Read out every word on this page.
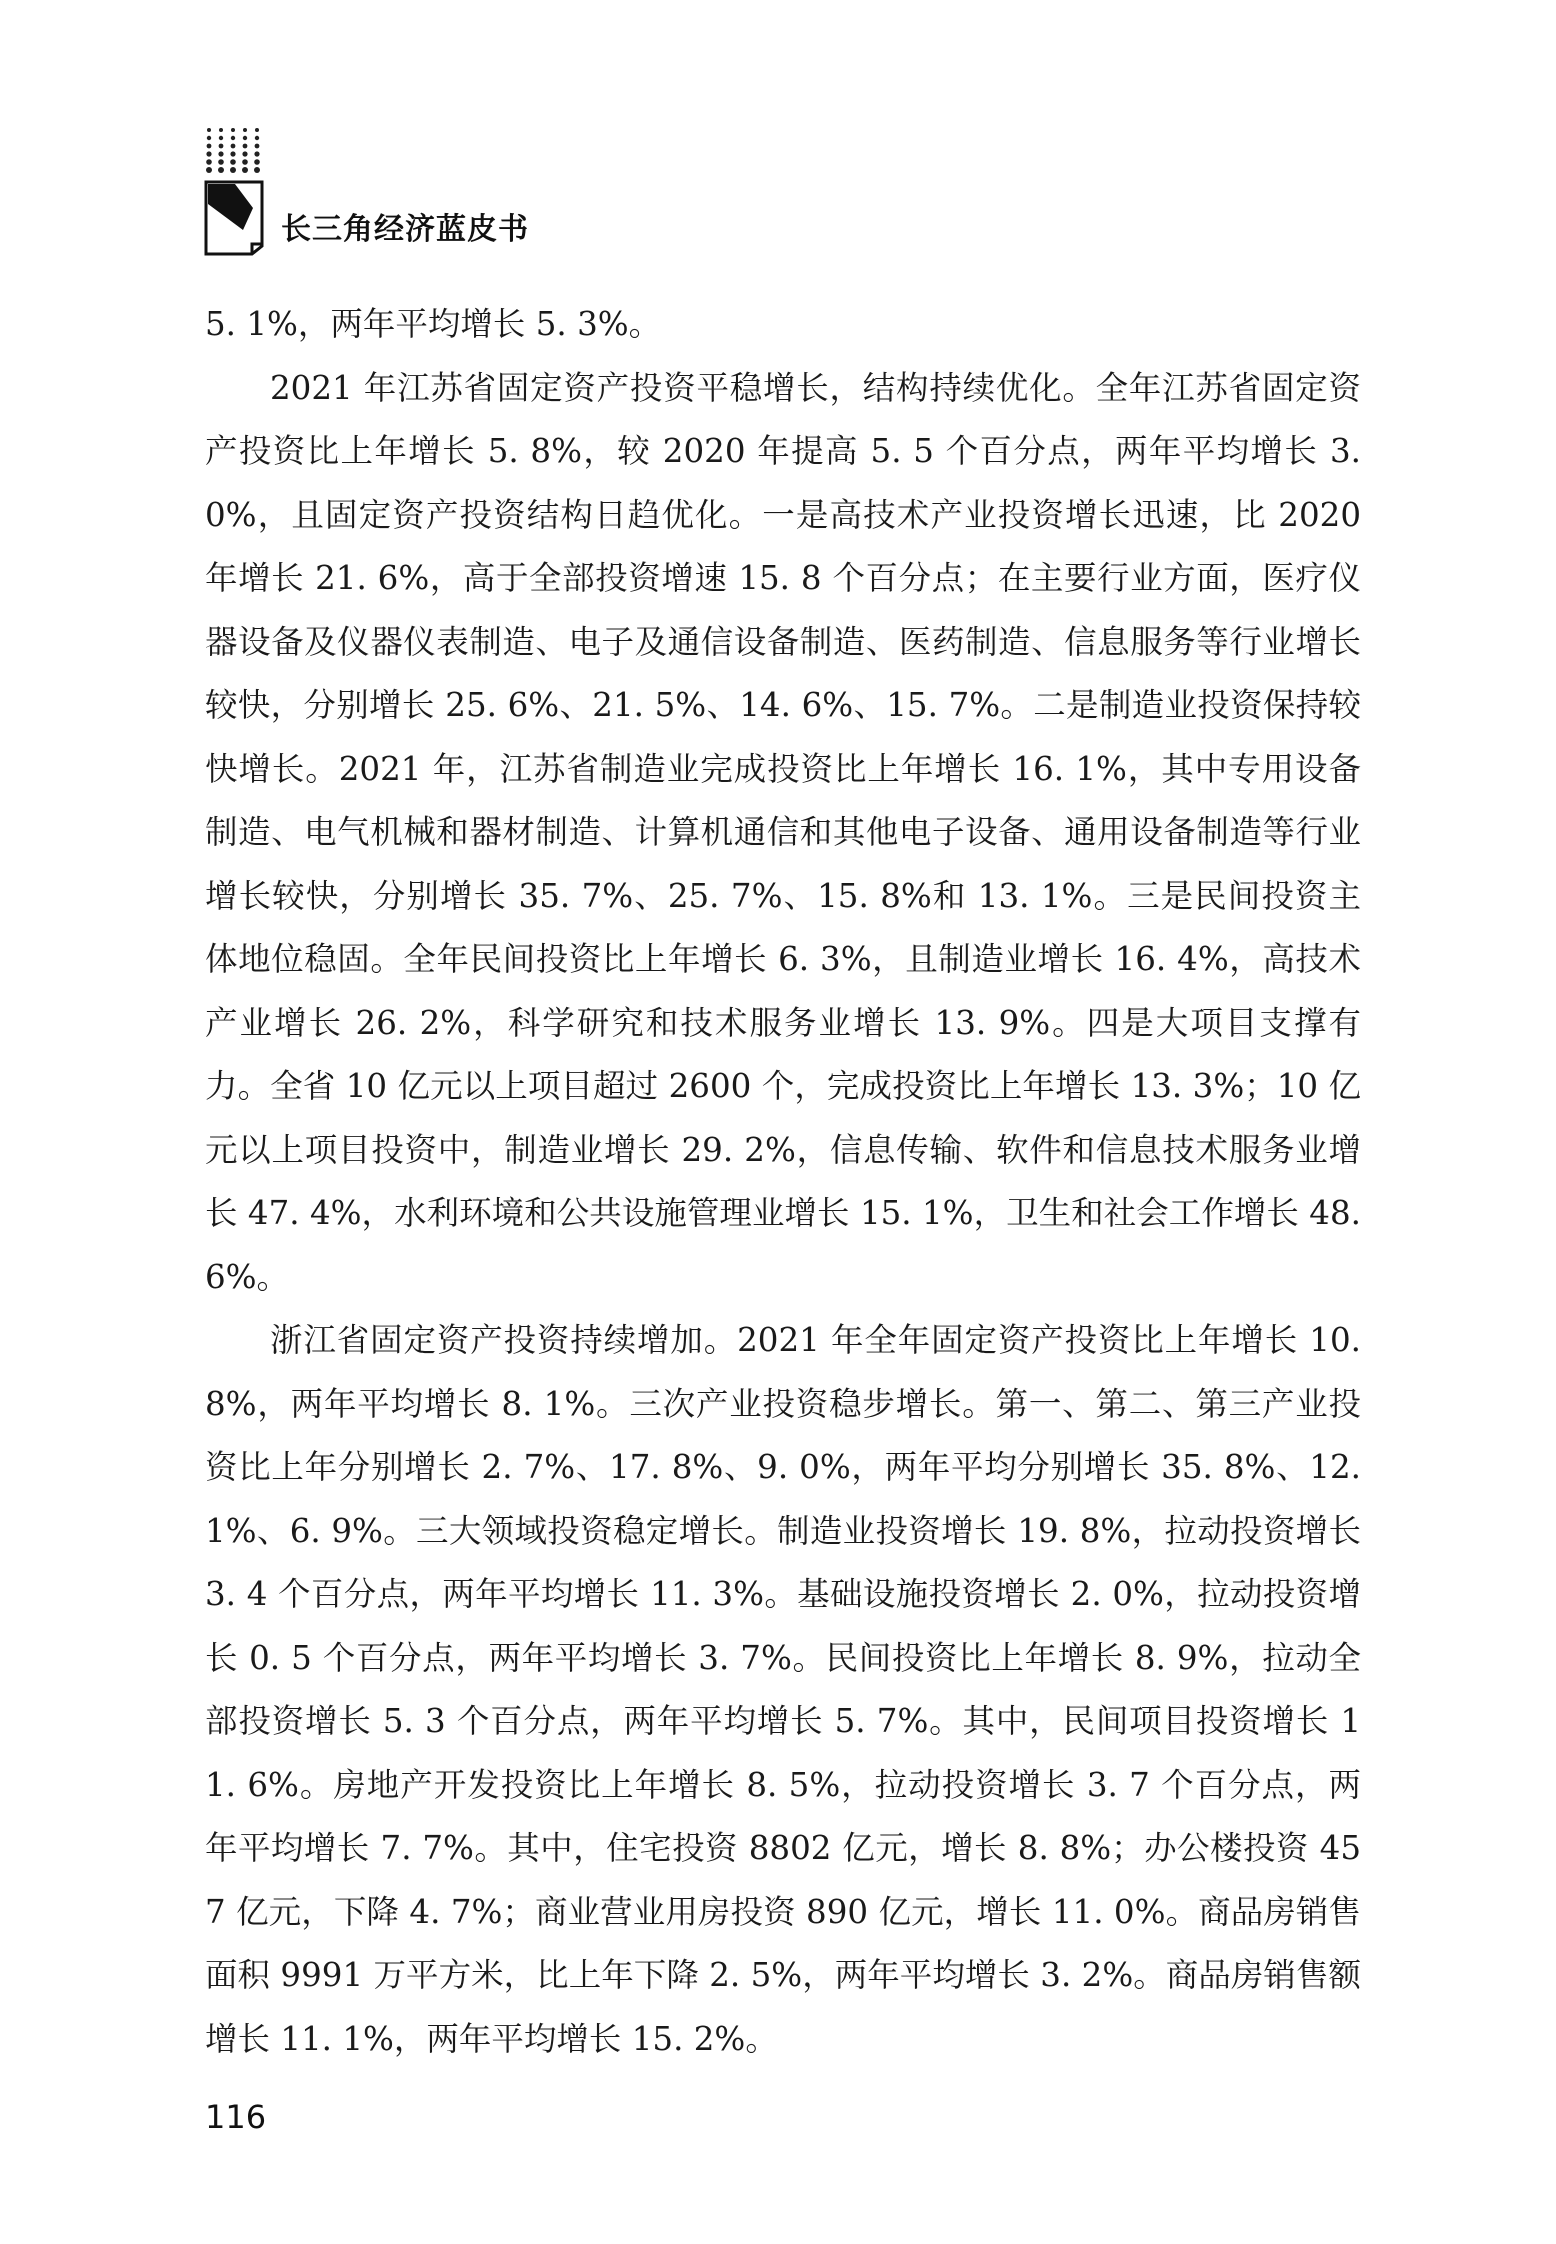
长三角经济蓝皮书

5. 1%，两年平均增长 5. 3%。

2021 年江苏省固定资产投资平稳增长，结构持续优化。全年江苏省固定资产投资比上年增长 5. 8%，较 2020 年提高 5. 5 个百分点，两年平均增长 3. 0%，且固定资产投资结构日趋优化。一是高技术产业投资增长迅速，比 2020 年增长 21. 6%，高于全部投资增速 15. 8 个百分点；在主要行业方面，医疗仪器设备及仪器仪表制造、电子及通信设备制造、医药制造、信息服务等行业增长较快，分别增长 25. 6%、21. 5%、14. 6%、15. 7%。二是制造业投资保持较快增长。2021 年，江苏省制造业完成投资比上年增长 16. 1%，其中专用设备制造、电气机械和器材制造、计算机通信和其他电子设备、通用设备制造等行业增长较快，分别增长 35. 7%、25. 7%、15. 8%和 13. 1%。三是民间投资主体地位稳固。全年民间投资比上年增长 6. 3%，且制造业增长 16. 4%，高技术产业增长 26. 2%，科学研究和技术服务业增长 13. 9%。四是大项目支撑有力。全省 10 亿元以上项目超过 2600 个，完成投资比上年增长 13. 3%；10 亿元以上项目投资中，制造业增长 29. 2%，信息传输、软件和信息技术服务业增长 47. 4%，水利环境和公共设施管理业增长 15. 1%，卫生和社会工作增长 48. 6%。

浙江省固定资产投资持续增加。2021 年全年固定资产投资比上年增长 10. 8%，两年平均增长 8. 1%。三次产业投资稳步增长。第一、第二、第三产业投资比上年分别增长 2. 7%、17. 8%、9. 0%，两年平均分别增长 35. 8%、12. 1%、6. 9%。三大领域投资稳定增长。制造业投资增长 19. 8%，拉动投资增长 3. 4 个百分点，两年平均增长 11. 3%。基础设施投资增长 2. 0%，拉动投资增长 0. 5 个百分点，两年平均增长 3. 7%。民间投资比上年增长 8. 9%，拉动全部投资增长 5. 3 个百分点，两年平均增长 5. 7%。其中，民间项目投资增长 11. 6%。房地产开发投资比上年增长 8. 5%，拉动投资增长 3. 7 个百分点，两年平均增长 7. 7%。其中，住宅投资 8802 亿元，增长 8. 8%；办公楼投资 457 亿元，下降 4. 7%；商业营业用房投资 890 亿元，增长 11. 0%。商品房销售面积 9991 万平方米，比上年下降 2. 5%，两年平均增长 3. 2%。商品房销售额增长 11. 1%，两年平均增长 15. 2%。

116
